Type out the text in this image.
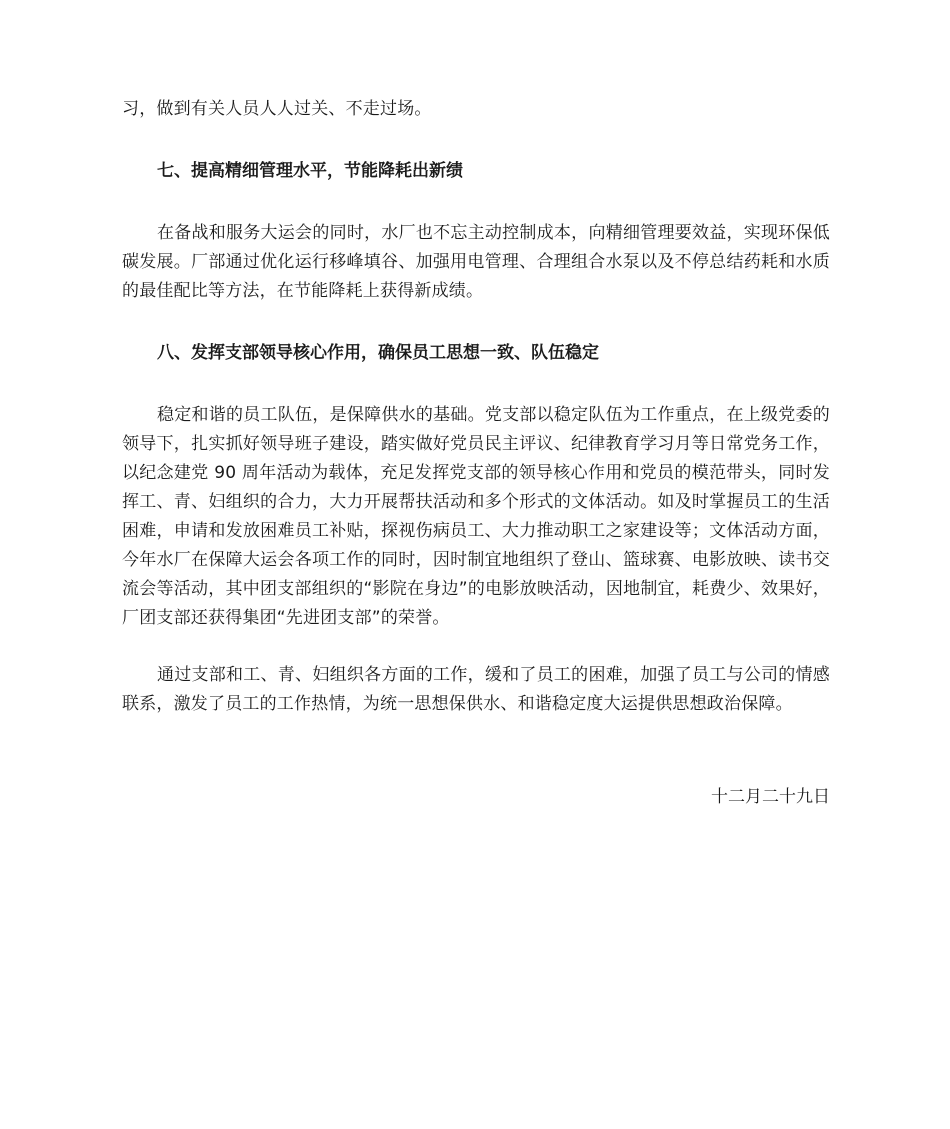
习，做到有关人员人人过关、不走过场。

七、提高精细管理水平，节能降耗出新绩

在备战和服务大运会的同时，水厂也不忘主动控制成本，向精细管理要效益，实现环保低碳发展。厂部通过优化运行移峰填谷、加强用电管理、合理组合水泵以及不停总结药耗和水质的最佳配比等方法，在节能降耗上获得新成绩。

八、发挥支部领导核心作用，确保员工思想一致、队伍稳定

稳定和谐的员工队伍，是保障供水的基础。党支部以稳定队伍为工作重点，在上级党委的领导下，扎实抓好领导班子建设，踏实做好党员民主评议、纪律教育学习月等日常党务工作，以纪念建党 90 周年活动为载体，充足发挥党支部的领导核心作用和党员的模范带头，同时发挥工、青、妇组织的合力，大力开展帮扶活动和多个形式的文体活动。如及时掌握员工的生活困难，申请和发放困难员工补贴，探视伤病员工、大力推动职工之家建设等；文体活动方面，今年水厂在保障大运会各项工作的同时，因时制宜地组织了登山、篮球赛、电影放映、读书交流会等活动，其中团支部组织的“影院在身边”的电影放映活动，因地制宜，耗费少、效果好，厂团支部还获得集团“先进团支部”的荣誉。

通过支部和工、青、妇组织各方面的工作，缓和了员工的困难，加强了员工与公司的情感联系，激发了员工的工作热情，为统一思想保供水、和谐稳定度大运提供思想政治保障。

十二月二十九日
